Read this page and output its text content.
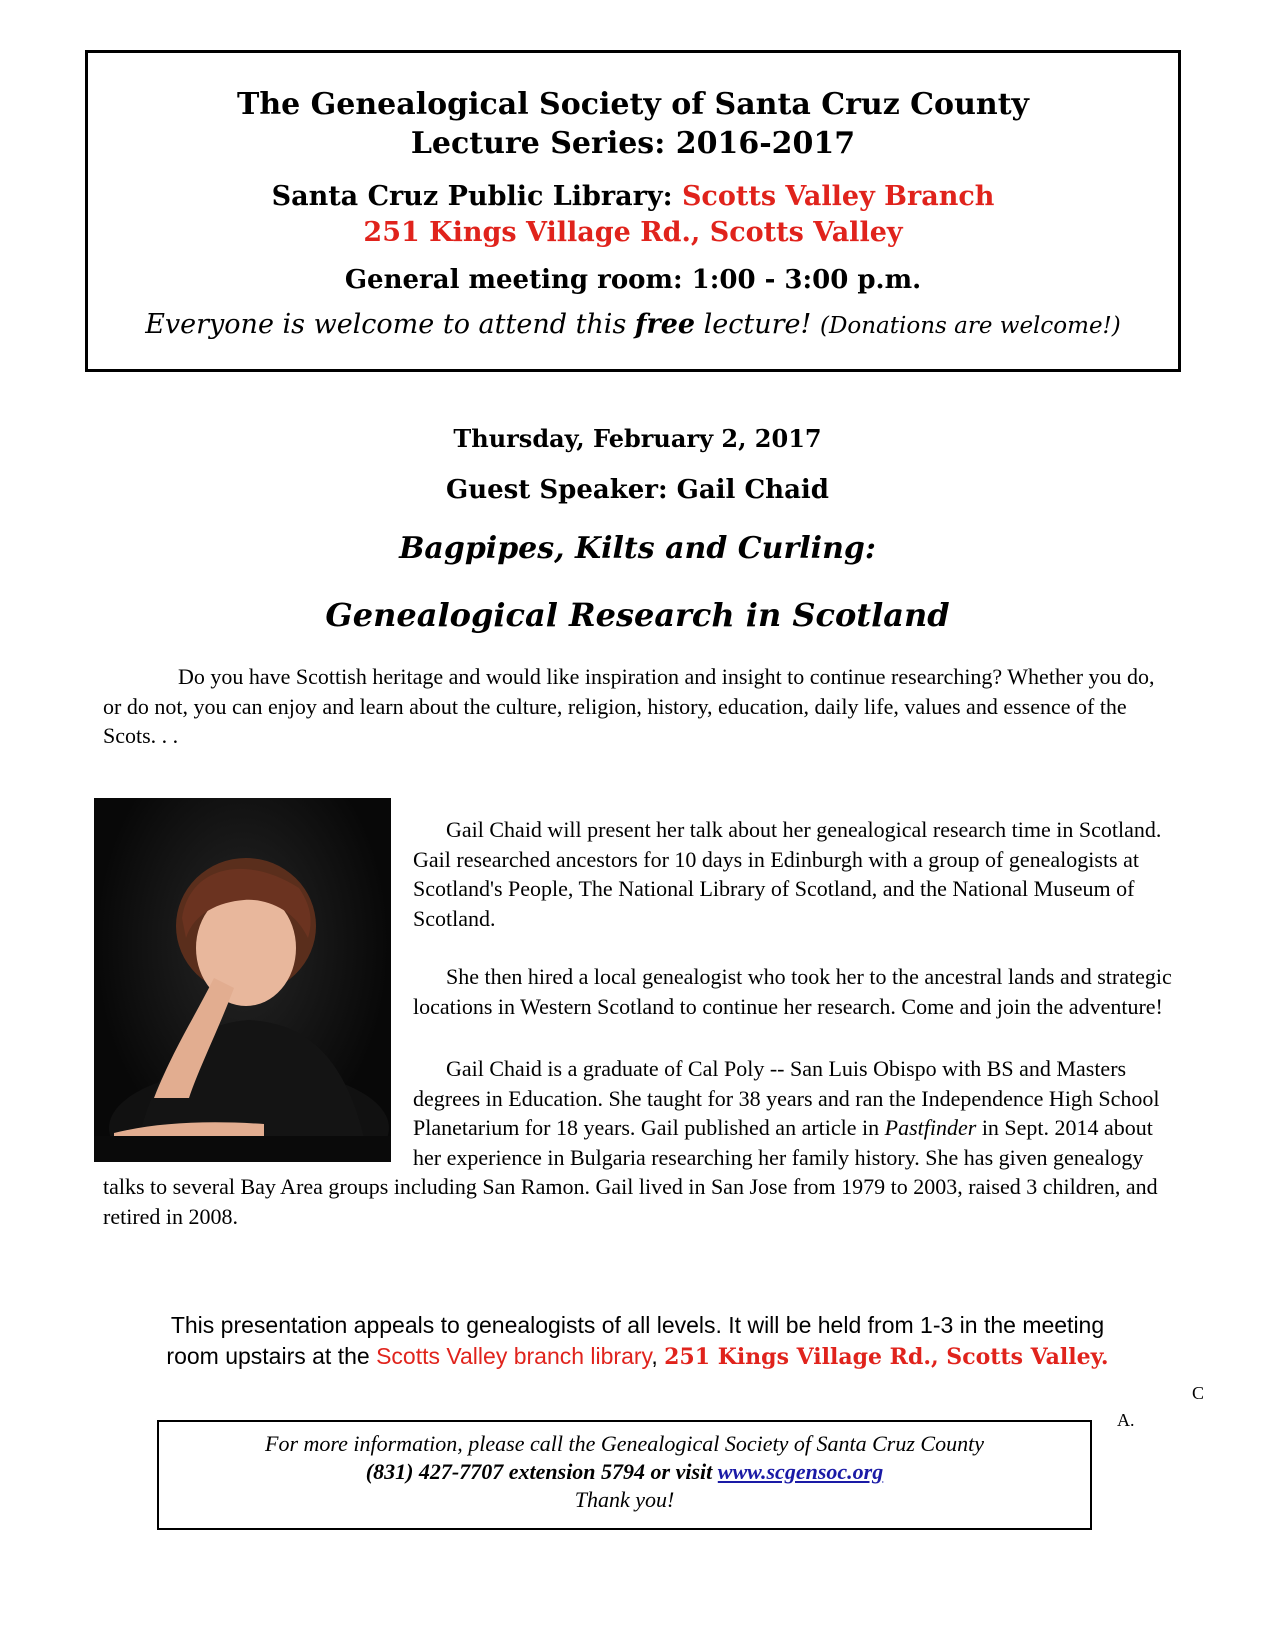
The Genealogical Society of Santa Cruz County
Lecture Series: 2016-2017
Santa Cruz Public Library: Scotts Valley Branch
251 Kings Village Rd., Scotts Valley
General meeting room: 1:00 - 3:00 p.m.
Everyone is welcome to attend this free lecture! (Donations are welcome!)
Thursday, February 2, 2017
Guest Speaker: Gail Chaid
Bagpipes, Kilts and Curling:
Genealogical Research in Scotland
Do you have Scottish heritage and would like inspiration and insight to continue researching? Whether you do, or do not, you can enjoy and learn about the culture, religion, history, education, daily life, values and essence of the Scots. . .

Gail Chaid will present her talk about her genealogical research time in Scotland. Gail researched ancestors for 10 days in Edinburgh with a group of genealogists at Scotland's People, The National Library of Scotland, and the National Museum of Scotland.

She then hired a local genealogist who took her to the ancestral lands and strategic locations in Western Scotland to continue her research. Come and join the adventure!

Gail Chaid is a graduate of Cal Poly -- San Luis Obispo with BS and Masters degrees in Education. She taught for 38 years and ran the Independence High School Planetarium for 18 years. Gail published an article in Pastfinder in Sept. 2014 about her experience in Bulgaria researching her family history. She has given genealogy talks to several Bay Area groups including San Ramon. Gail lived in San Jose from 1979 to 2003, raised 3 children, and retired in 2008.

This presentation appeals to genealogists of all levels. It will be held from 1-3 in the meeting
room upstairs at the Scotts Valley branch library, 251 Kings Village Rd., Scotts Valley.
C
A.
For more information, please call the Genealogical Society of Santa Cruz County
(831) 427-7707 extension 5794 or visit www.scgensoc.org
Thank you!
